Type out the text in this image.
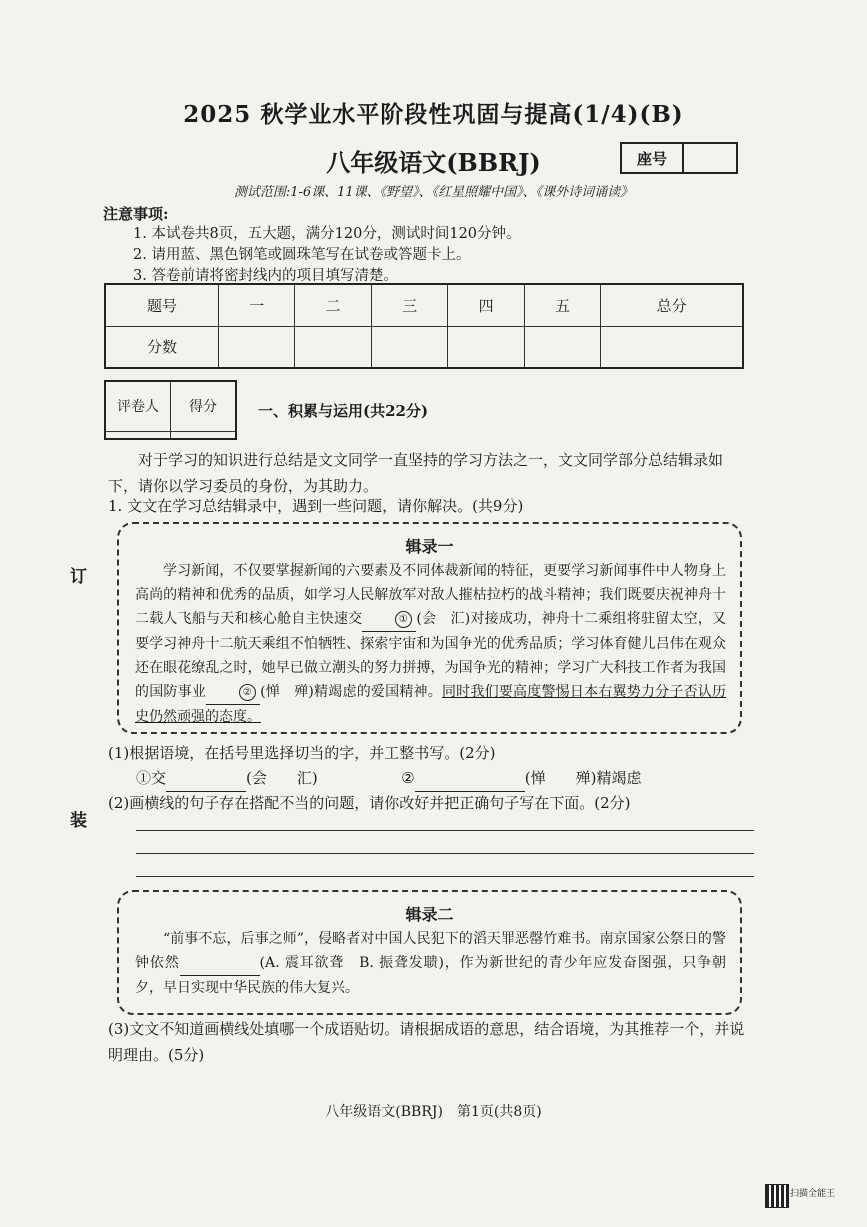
2025 秋学业水平阶段性巩固与提高(1/4)(B)
八年级语文(BBRJ)	座号
测试范围:1-6课、11课、《野望》、《红星照耀中国》、《课外诗词诵读》
注意事项:
1. 本试卷共8页，五大题，满分120分，测试时间120分钟。
2. 请用蓝、黑色钢笔或圆珠笔写在试卷或答题卡上。
3. 答卷前请将密封线内的项目填写清楚。
题号	一	二	三	四	五	总分
分数						
评卷人	得分
		一、积累与运用(共22分)
对于学习的知识进行总结是文文同学一直坚持的学习方法之一，文文同学部分总结辑录如下，请你以学习委员的身份，为其助力。
1. 文文在学习总结辑录中，遇到一些问题，请你解决。(共9分)
辑录一
学习新闻，不仅要掌握新闻的六要素及不同体裁新闻的特征，更要学习新闻事件中人物身上高尚的精神和优秀的品质，如学习人民解放军对敌人摧枯拉朽的战斗精神；我们既要庆祝神舟十二载人飞船与天和核心舱自主快速交	① (会　汇)对接成功，神舟十二乘组将驻留太空，又要学习神舟十二航天乘组不怕牺牲、探索宇宙和为国争光的优秀品质；学习体育健儿吕伟在观众还在眼花缭乱之时，她早已做立潮头的努力拼搏，为国争光的精神；学习广大科技工作者为我国的国防事业	② (惮　殚)精竭虑的爱国精神。同时我们要高度警惕日本右翼势力分子否认历史仍然顽强的态度。
(1)根据语境，在括号里选择切当的字，并工整书写。(2分)
①交	(会　　汇)	②	(惮　　殚)精竭虑
(2)画横线的句子存在搭配不当的问题，请你改好并把正确句子写在下面。(2分)
辑录二
“前事不忘，后事之师”，侵略者对中国人民犯下的滔天罪恶罄竹难书。南京国家公祭日的警钟依然	(A. 震耳欲聋　B. 振聋发聩)，作为新世纪的青少年应发奋图强，只争朝夕，早日实现中华民族的伟大复兴。
(3)文文不知道画横线处填哪一个成语贴切。请根据成语的意思，结合语境，为其推荐一个，并说明理由。(5分)
订
装
八年级语文(BBRJ)　第1页(共8页)
扫描全能王
